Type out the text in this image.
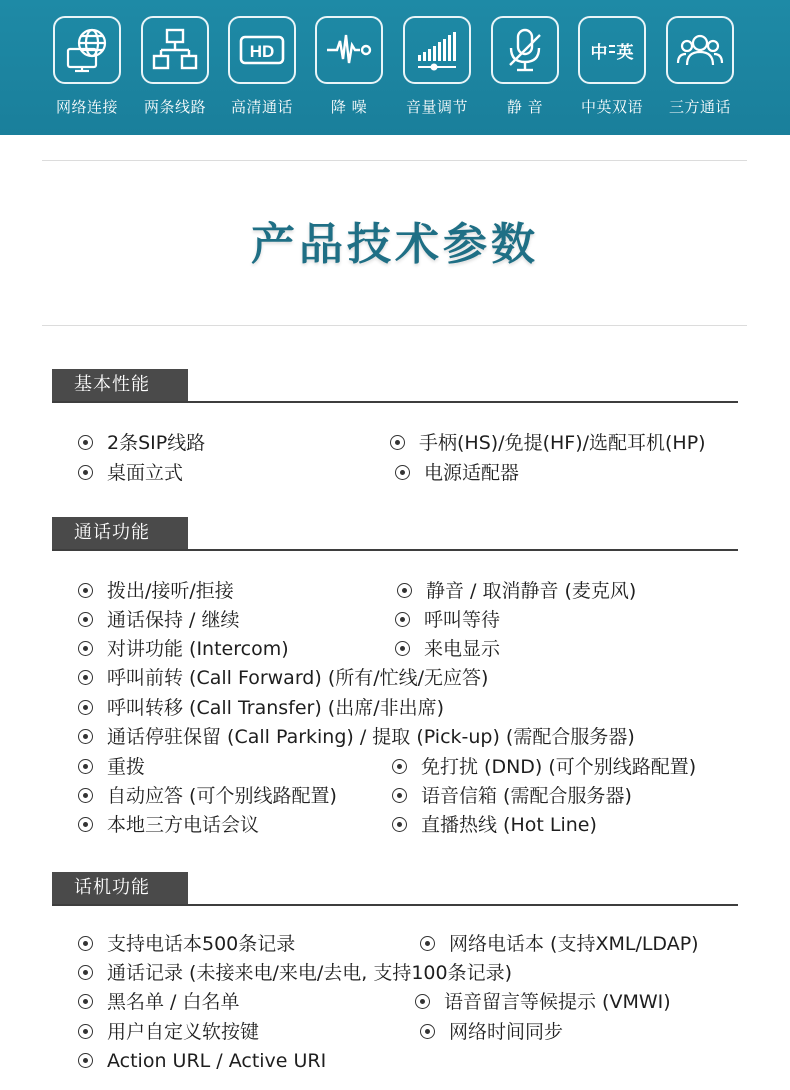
网络连接	两条线路
HD
高清通话	降 噪	音量调节	静 音
中 英
中英双语	三方通话
产品技术参数
基本性能
2条SIP线路	手柄(HS)/免提(HF)/选配耳机(HP)
桌面立式	电源适配器
通话功能
拨出/接听/拒接	静音 / 取消静音 (麦克风)
通话保持 / 继续	呼叫等待
对讲功能 (Intercom)	来电显示
呼叫前转 (Call Forward) (所有/忙线/无应答)
呼叫转移 (Call Transfer) (出席/非出席)
通话停驻保留 (Call Parking) / 提取 (Pick-up) (需配合服务器)
重拨	免打扰 (DND) (可个别线路配置)
自动应答 (可个别线路配置)	语音信箱 (需配合服务器)
本地三方电话会议	直播热线 (Hot Line)
话机功能
支持电话本500条记录	网络电话本 (支持XML/LDAP)
通话记录 (未接来电/来电/去电, 支持100条记录)
黑名单 / 白名单	语音留言等候提示 (VMWI)
用户自定义软按键	网络时间同步
Action URL / Active URI
